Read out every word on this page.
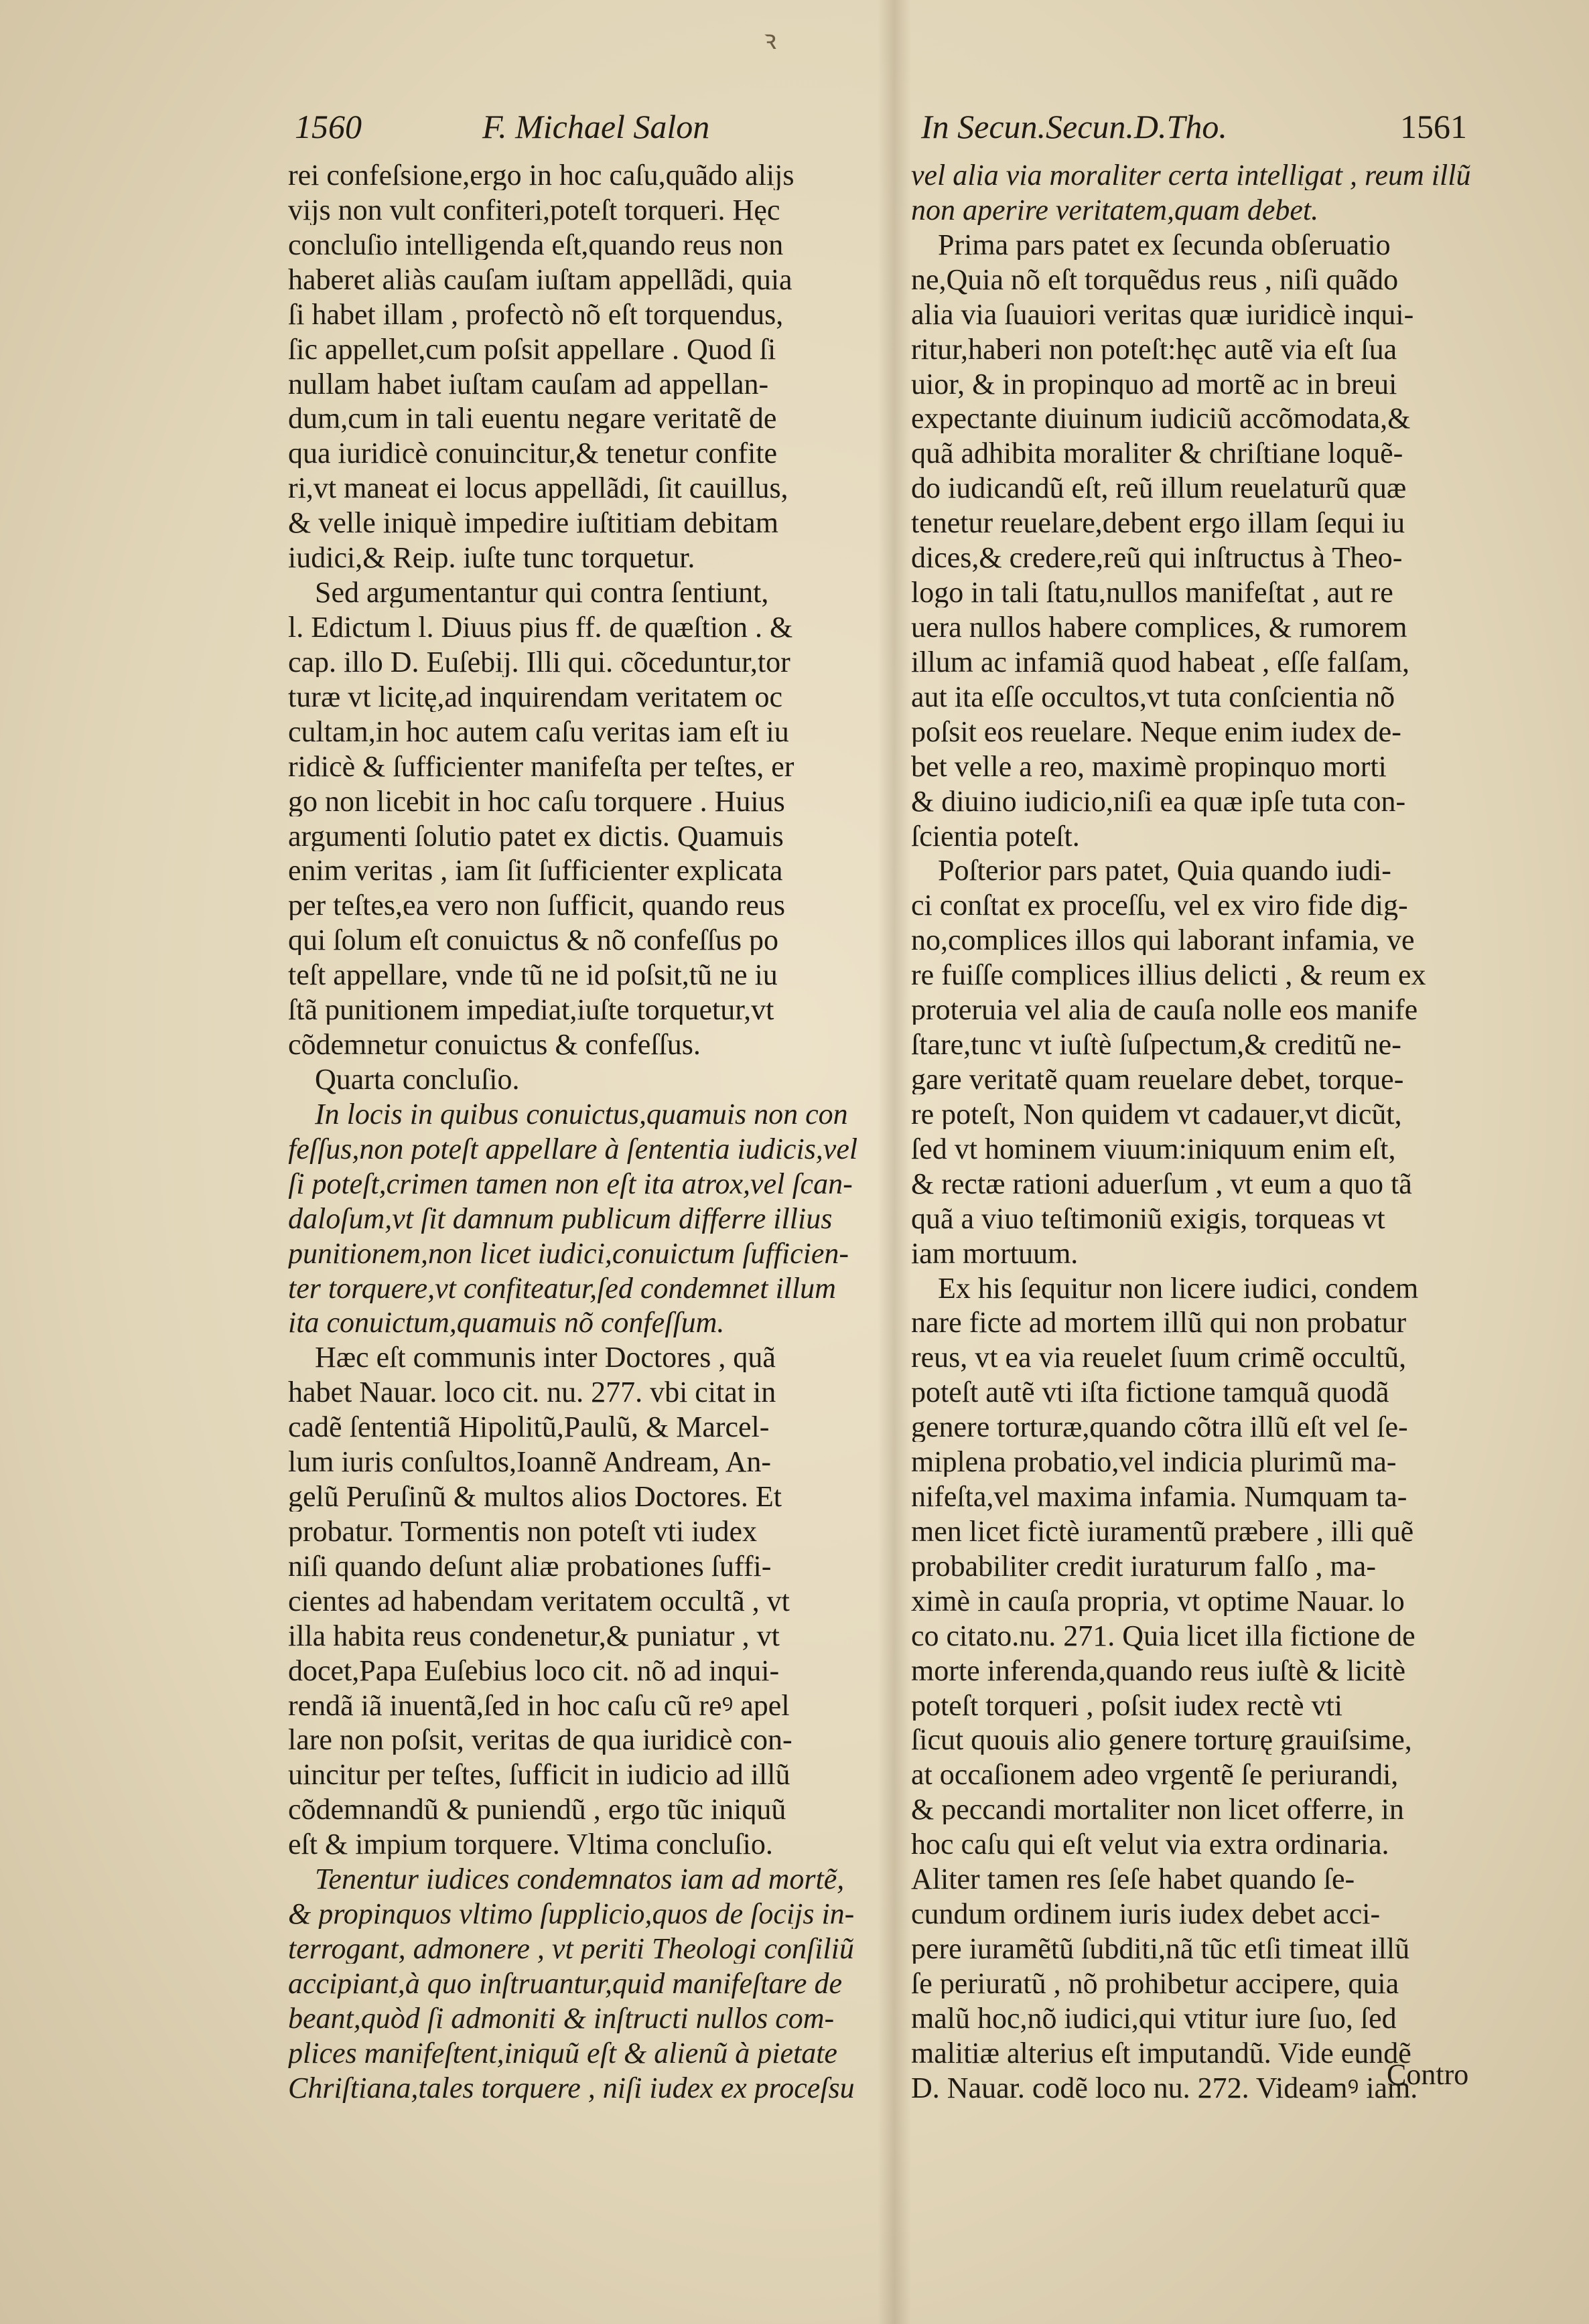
ꝛ
1560	F. Michael Salon	In Secun.Secun.D.Tho.	1561
rei confeſsione,ergo in hoc caſu,quãdo alijs
vijs non vult confiteri,poteſt torqueri. Hęc
concluſio intelligenda eſt,quando reus non
haberet aliàs cauſam iuſtam appellãdi, quia
ſi habet illam , profectò nõ eſt torquendus,
ſic appellet,cum poſsit appellare . Quod ſi
nullam habet iuſtam cauſam ad appellan-
dum,cum in tali euentu negare veritatẽ de
qua iuridicè conuincitur,& tenetur confite
ri,vt maneat ei locus appellãdi, ſit cauillus,
& velle iniquè impedire iuſtitiam debitam
iudici,& Reip. iuſte tunc torquetur.
Sed argumentantur qui contra ſentiunt,
l. Edictum l. Diuus pius ff. de quæſtion . &
cap. illo D. Euſebij. Illi qui. cõceduntur,tor
turæ vt licitę,ad inquirendam veritatem oc
cultam,in hoc autem caſu veritas iam eſt iu
ridicè & ſufficienter manifeſta per teſtes, er
go non licebit in hoc caſu torquere . Huius
argumenti ſolutio patet ex dictis. Quamuis
enim veritas , iam ſit ſufficienter explicata
per teſtes,ea vero non ſufficit, quando reus
qui ſolum eſt conuictus & nõ confeſſus po
teſt appellare, vnde tũ ne id poſsit,tũ ne iu
ſtã punitionem impediat,iuſte torquetur,vt
cõdemnetur conuictus & confeſſus.
Quarta concluſio.
In locis in quibus conuictus,quamuis non con
feſſus,non poteſt appellare à ſententia iudicis,vel
ſi poteſt,crimen tamen non eſt ita atrox,vel ſcan-
daloſum,vt ſit damnum publicum differre illius
punitionem,non licet iudici,conuictum ſufficien-
ter torquere,vt confiteatur,ſed condemnet illum
ita conuictum,quamuis nõ confeſſum.
Hæc eſt communis inter Doctores , quã
habet Nauar. loco cit. nu. 277. vbi citat in
cadẽ ſententiã Hipolitũ,Paulũ, & Marcel-
lum iuris conſultos,Ioannẽ Andream, An-
gelũ Peruſinũ & multos alios Doctores. Et
probatur. Tormentis non poteſt vti iudex
niſi quando deſunt aliæ probationes ſuffi-
cientes ad habendam veritatem occultã , vt
illa habita reus condenetur,& puniatur , vt
docet,Papa Euſebius loco cit. nõ ad inqui-
rendã iã inuentã,ſed in hoc caſu cũ reꝰ apel
lare non poſsit, veritas de qua iuridicè con-
uincitur per teſtes, ſufficit in iudicio ad illũ
cõdemnandũ & puniendũ , ergo tũc iniquũ
eſt & impium torquere. Vltima concluſio.
Tenentur iudices condemnatos iam ad mortẽ,
& propinquos vltimo ſupplicio,quos de ſocijs in-
terrogant, admonere , vt periti Theologi conſiliũ
accipiant,à quo inſtruantur,quid manifeſtare de
beant,quòd ſi admoniti & inſtructi nullos com-
plices manifeſtent,iniquũ eſt & alienũ à pietate
Chriſtiana,tales torquere , niſi iudex ex proceſsu
vel alia via moraliter certa intelligat , reum illũ
non aperire veritatem,quam debet.
Prima pars patet ex ſecunda obſeruatio
ne,Quia nõ eſt torquẽdus reus , niſi quãdo
alia via ſuauiori veritas quæ iuridicè inqui-
ritur,haberi non poteſt:hęc autẽ via eſt ſua
uior, & in propinquo ad mortẽ ac in breui
expectante diuinum iudiciũ accõmodata,&
quã adhibita moraliter & chriſtiane loquẽ-
do iudicandũ eſt, reũ illum reuelaturũ quæ
tenetur reuelare,debent ergo illam ſequi iu
dices,& credere,reũ qui inſtructus à Theo-
logo in tali ſtatu,nullos manifeſtat , aut re
uera nullos habere complices, & rumorem
illum ac infamiã quod habeat , eſſe falſam,
aut ita eſſe occultos,vt tuta conſcientia nõ
poſsit eos reuelare. Neque enim iudex de-
bet velle a reo, maximè propinquo morti
& diuino iudicio,niſi ea quæ ipſe tuta con-
ſcientia poteſt.
Poſterior pars patet, Quia quando iudi-
ci conſtat ex proceſſu, vel ex viro fide dig-
no,complices illos qui laborant infamia, ve
re fuiſſe complices illius delicti , & reum ex
proteruia vel alia de cauſa nolle eos manife
ſtare,tunc vt iuſtè ſuſpectum,& creditũ ne-
gare veritatẽ quam reuelare debet, torque-
re poteſt, Non quidem vt cadauer,vt dicũt,
ſed vt hominem viuum:iniquum enim eſt,
& rectæ rationi aduerſum , vt eum a quo tã
quã a viuo teſtimoniũ exigis, torqueas vt
iam mortuum.
Ex his ſequitur non licere iudici, condem
nare ficte ad mortem illũ qui non probatur
reus, vt ea via reuelet ſuum crimẽ occultũ,
poteſt autẽ vti iſta fictione tamquã quodã
genere torturæ,quando cõtra illũ eſt vel ſe-
miplena probatio,vel indicia plurimũ ma-
nifeſta,vel maxima infamia. Numquam ta-
men licet fictè iuramentũ præbere , illi quẽ
probabiliter credit iuraturum falſo , ma-
ximè in cauſa propria, vt optime Nauar. lo
co citato.nu. 271. Quia licet illa fictione de
morte inferenda,quando reus iuſtè & licitè
poteſt torqueri , poſsit iudex rectè vti
ſicut quouis alio genere torturę grauiſsime,
at occaſionem adeo vrgentẽ ſe periurandi,
& peccandi mortaliter non licet offerre, in
hoc caſu qui eſt velut via extra ordinaria.
Aliter tamen res ſeſe habet quando ſe-
cundum ordinem iuris iudex debet acci-
pere iuramẽtũ ſubditi,nã tũc etſi timeat illũ
ſe periuratũ , nõ prohibetur accipere, quia
malũ hoc,nõ iudici,qui vtitur iure ſuo, ſed
malitiæ alterius eſt imputandũ. Vide eundẽ
D. Nauar. codẽ loco nu. 272. Videamꝰ iam.
Contro
